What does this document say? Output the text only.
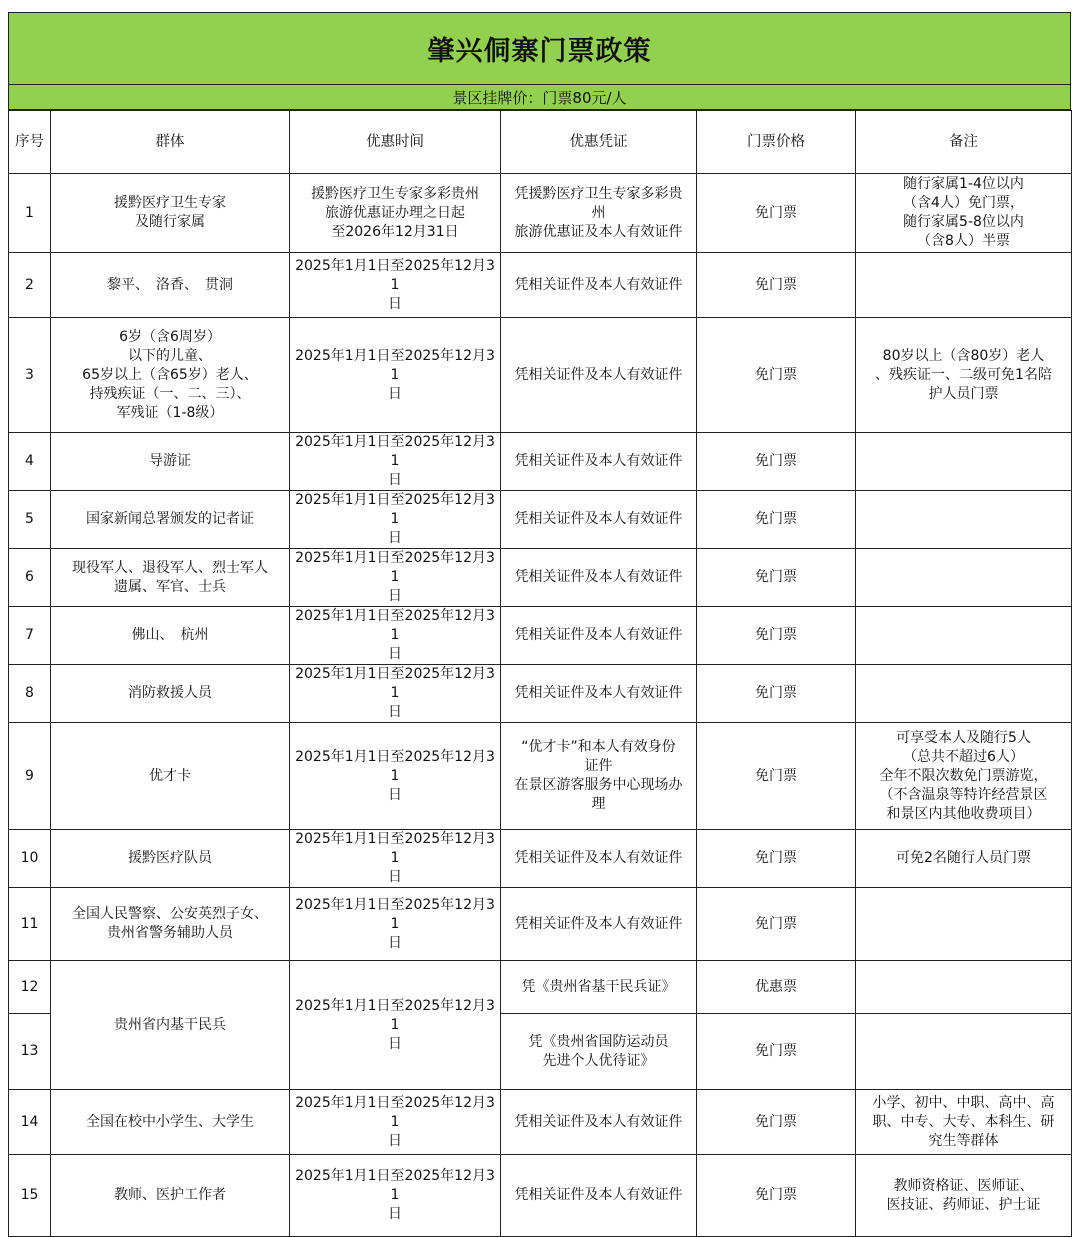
肇兴侗寨门票政策
景区挂牌价：门票80元/人
序号	群体	优惠时间	优惠凭证	门票价格	备注
1	援黔医疗卫生专家
及随行家属	援黔医疗卫生专家多彩贵州
旅游优惠证办理之日起
至2026年12月31日	凭援黔医疗卫生专家多彩贵
州
旅游优惠证及本人有效证件	免门票	随行家属1-4位以内
（含4人）免门票，
随行家属5-8位以内
（含8人）半票
2	黎平、　洛香、　贯洞	2025年1月1日至2025年12月31
日	凭相关证件及本人有效证件	免门票	
3	6岁（含6周岁）
以下的儿童、
65岁以上（含65岁）老人、
持残疾证（一、二、三）、
军残证（1-8级）	2025年1月1日至2025年12月31
日	凭相关证件及本人有效证件	免门票	80岁以上（含80岁）老人
、残疾证一、二级可免1名陪
护人员门票
4	导游证	2025年1月1日至2025年12月31
日	凭相关证件及本人有效证件	免门票	
5	国家新闻总署颁发的记者证	2025年1月1日至2025年12月31
日	凭相关证件及本人有效证件	免门票	
6	现役军人、退役军人、烈士军人
遗属、军官、士兵	2025年1月1日至2025年12月31
日	凭相关证件及本人有效证件	免门票	
7	佛山、　杭州	2025年1月1日至2025年12月31
日	凭相关证件及本人有效证件	免门票	
8	消防救援人员	2025年1月1日至2025年12月31
日	凭相关证件及本人有效证件	免门票	
9	优才卡	2025年1月1日至2025年12月31
日	“优才卡”和本人有效身份
证件
在景区游客服务中心现场办
理	免门票	可享受本人及随行5人
（总共不超过6人）
全年不限次数免门票游览，
（不含温泉等特许经营景区
和景区内其他收费项目）
10	援黔医疗队员	2025年1月1日至2025年12月31
日	凭相关证件及本人有效证件	免门票	可免2名随行人员门票
11	全国人民警察、公安英烈子女、
贵州省警务辅助人员	2025年1月1日至2025年12月31
日	凭相关证件及本人有效证件	免门票	
12	贵州省内基干民兵	2025年1月1日至2025年12月31
日	凭《贵州省基干民兵证》	优惠票	
13			凭《贵州省国防运动员
先进个人优待证》	免门票	
14	全国在校中小学生、大学生	2025年1月1日至2025年12月31
日	凭相关证件及本人有效证件	免门票	小学、初中、中职、高中、高
职、中专、大专、本科生、研
究生等群体
15	教师、医护工作者	2025年1月1日至2025年12月31
日	凭相关证件及本人有效证件	免门票	教师资格证、医师证、
医技证、药师证、护士证
